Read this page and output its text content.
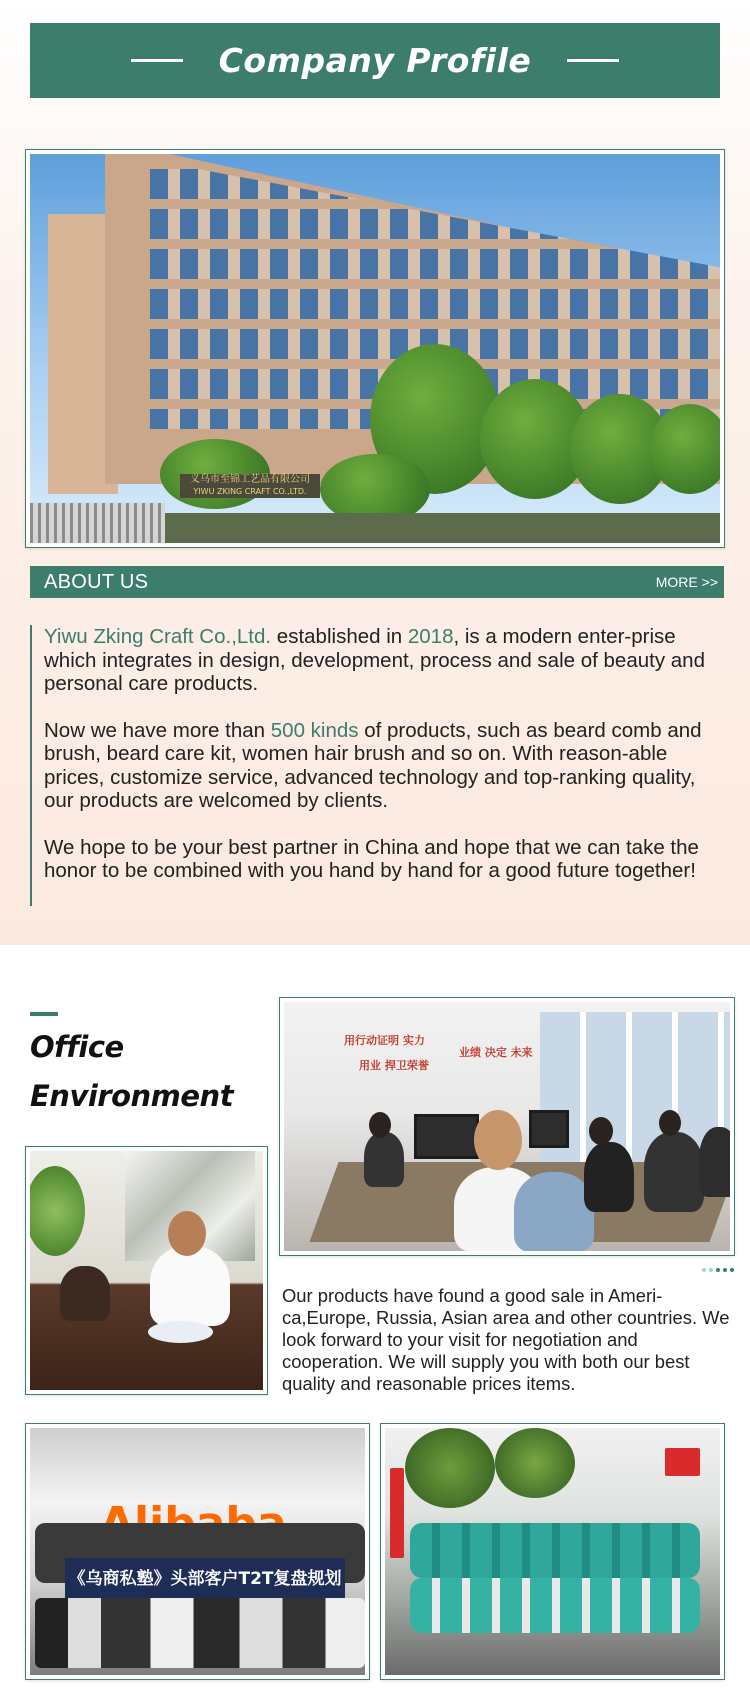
Company Profile
义乌市至锦工艺品有限公司
YIWU ZKING CRAFT CO.,LTD.
ABOUT US	MORE >>

Yiwu Zking Craft Co.,Ltd. established in 2018, is a modern enter-prise which integrates in design, development, process and sale of beauty and personal care products.

Now we have more than 500 kinds of products, such as beard comb and brush, beard care kit, women hair brush and so on. With reason-able prices, customize service, advanced technology and top-ranking quality, our products are welcomed by clients.

We hope to be your best partner in China and hope that we can take the honor to be combined with you hand by hand for a good future together!

Office
Environment
用行动证明 实力
用业 捍卫荣誉
业绩 决定 未来
Our products have found a good sale in Ameri-ca,Europe, Russia, Asian area and other countries. We look forward to your visit for negotiation and cooperation. We will supply you with both our best quality and reasonable prices items.
《乌商私塾》头部客户T2T复盘规划
